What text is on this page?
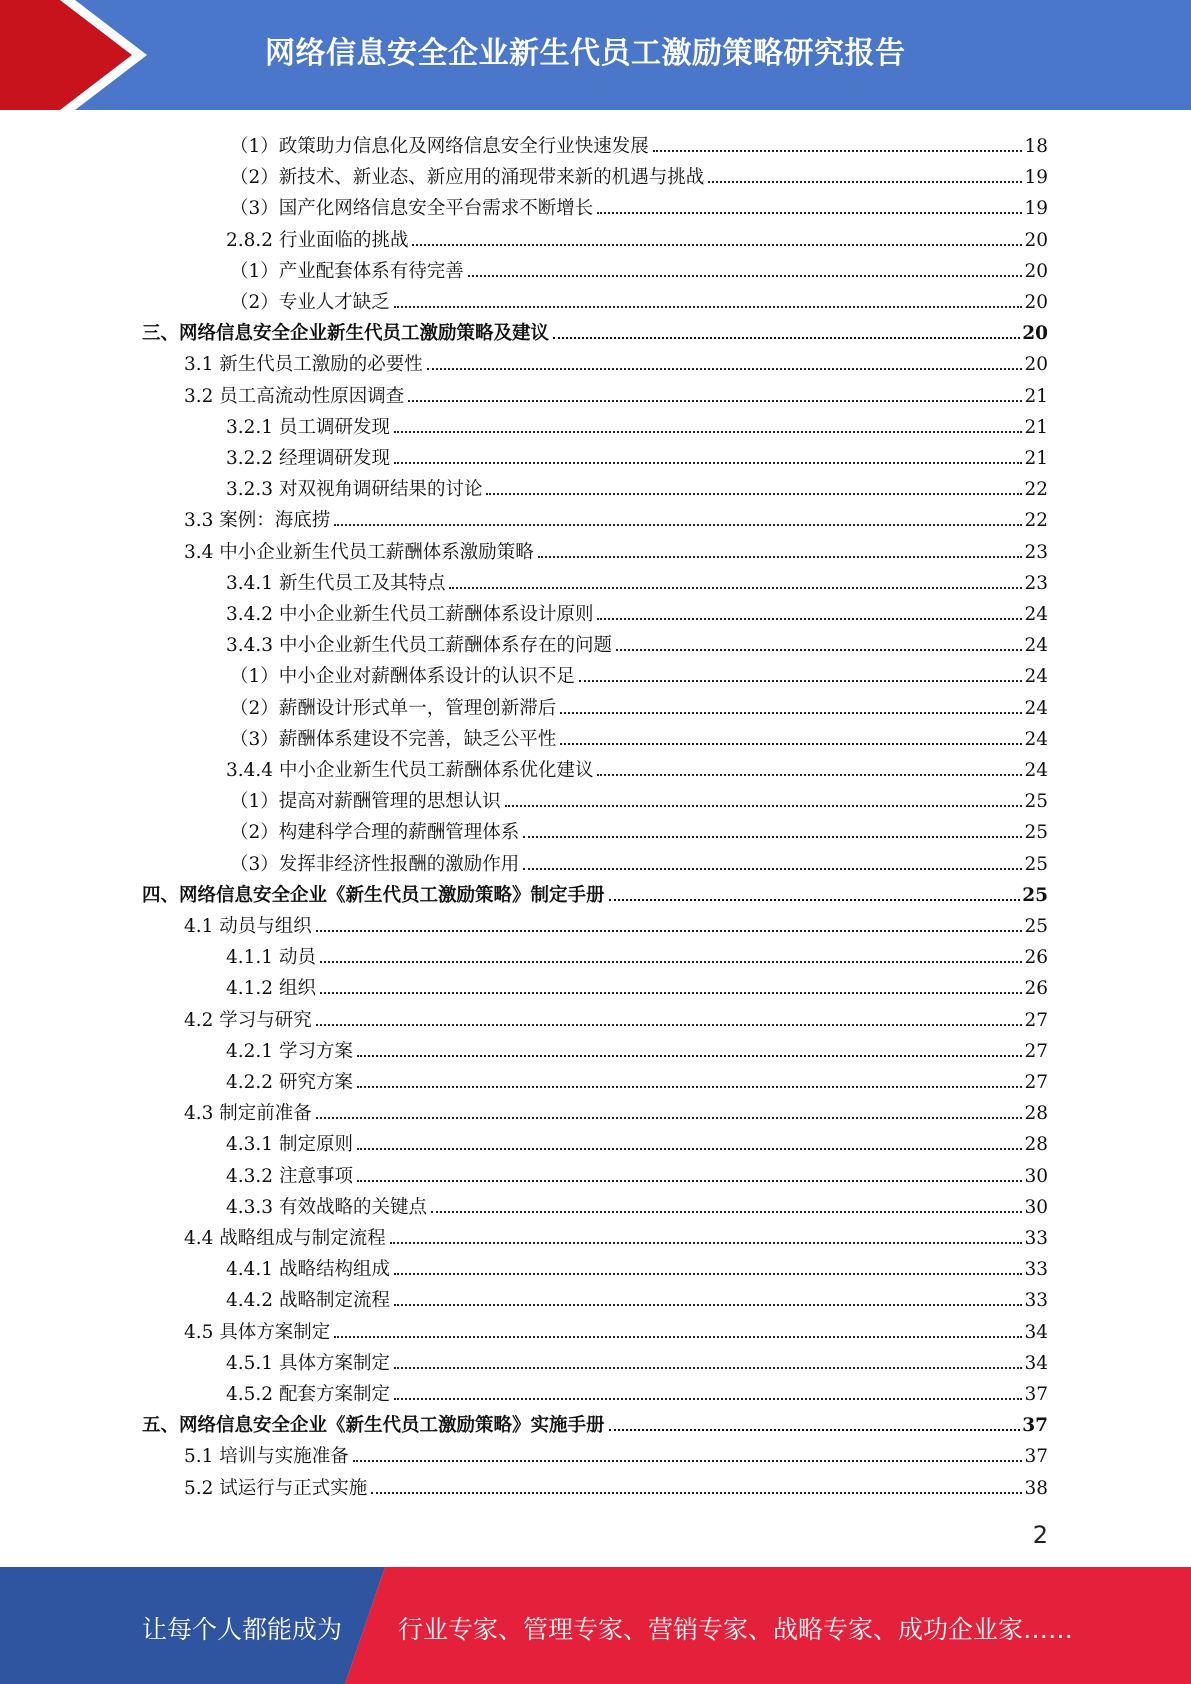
网络信息安全企业新生代员工激励策略研究报告
（1）政策助力信息化及网络信息安全行业快速发展	18
（2）新技术、新业态、新应用的涌现带来新的机遇与挑战	19
（3）国产化网络信息安全平台需求不断增长	19
2.8.2 行业面临的挑战	20
（1）产业配套体系有待完善	20
（2）专业人才缺乏	20
三、网络信息安全企业新生代员工激励策略及建议	20
3.1 新生代员工激励的必要性	20
3.2 员工高流动性原因调查	21
3.2.1 员工调研发现	21
3.2.2 经理调研发现	21
3.2.3 对双视角调研结果的讨论	22
3.3 案例：海底捞	22
3.4 中小企业新生代员工薪酬体系激励策略	23
3.4.1 新生代员工及其特点	23
3.4.2 中小企业新生代员工薪酬体系设计原则	24
3.4.3 中小企业新生代员工薪酬体系存在的问题	24
（1）中小企业对薪酬体系设计的认识不足	24
（2）薪酬设计形式单一，管理创新滞后	24
（3）薪酬体系建设不完善，缺乏公平性	24
3.4.4 中小企业新生代员工薪酬体系优化建议	24
（1）提高对薪酬管理的思想认识	25
（2）构建科学合理的薪酬管理体系	25
（3）发挥非经济性报酬的激励作用	25
四、网络信息安全企业《新生代员工激励策略》制定手册	25
4.1 动员与组织	25
4.1.1 动员	26
4.1.2 组织	26
4.2 学习与研究	27
4.2.1 学习方案	27
4.2.2 研究方案	27
4.3 制定前准备	28
4.3.1 制定原则	28
4.3.2 注意事项	30
4.3.3 有效战略的关键点	30
4.4 战略组成与制定流程	33
4.4.1 战略结构组成	33
4.4.2 战略制定流程	33
4.5 具体方案制定	34
4.5.1 具体方案制定	34
4.5.2 配套方案制定	37
五、网络信息安全企业《新生代员工激励策略》实施手册	37
5.1 培训与实施准备	37
5.2 试运行与正式实施	38
2
让每个人都能成为 行业专家、管理专家、营销专家、战略专家、成功企业家……
